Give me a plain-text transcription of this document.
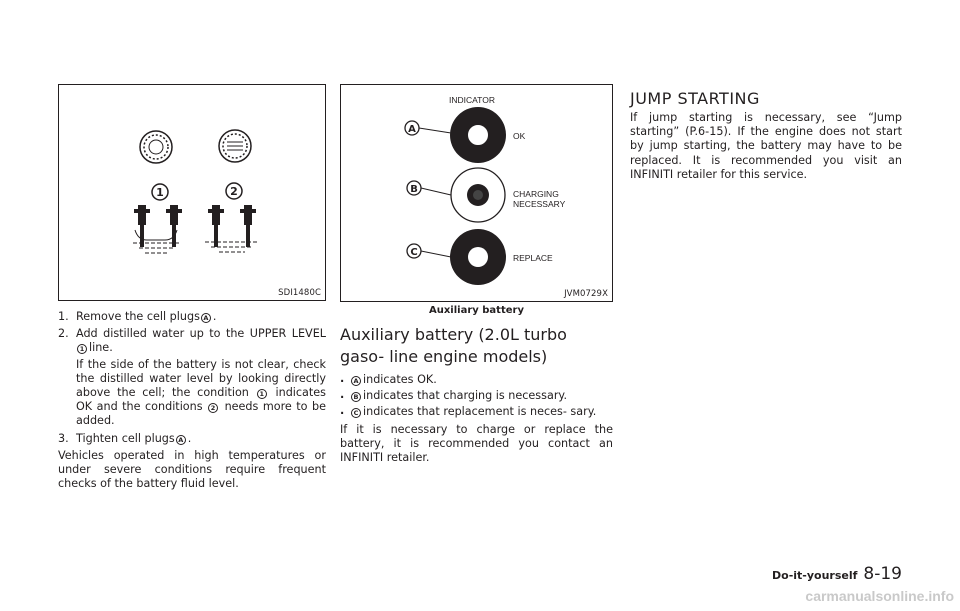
1	2
SDI1480C
1. Remove the cell plugs A .
2. Add distilled water up to the UPPER LEVEL 1 line.

If the side of the battery is not clear, check the distilled water level by looking directly above the cell; the condition 1 indicates OK and the conditions 2 needs more to be added.

3. Tighten cell plugs A .

Vehicles operated in high temperatures or under severe conditions require frequent checks of the battery fluid level.

INDICATOR
A
OK
B	CHARGING
NECESSARY
C	REPLACE
JVM0729X
Auxiliary battery
Auxiliary battery (2.0L turbo gaso- line engine models)
. A indicates OK.
. B indicates that charging is necessary.
. C indicates that replacement is neces- sary.

If it is necessary to charge or replace the battery, it is recommended you contact an INFINITI retailer.

JUMP STARTING

If jump starting is necessary, see “Jump starting” (P.6-15). If the engine does not start by jump starting, the battery may have to be replaced. It is recommended you visit an INFINITI retailer for this service.

Do-it-yourself 8-19
carmanualsonline.info
